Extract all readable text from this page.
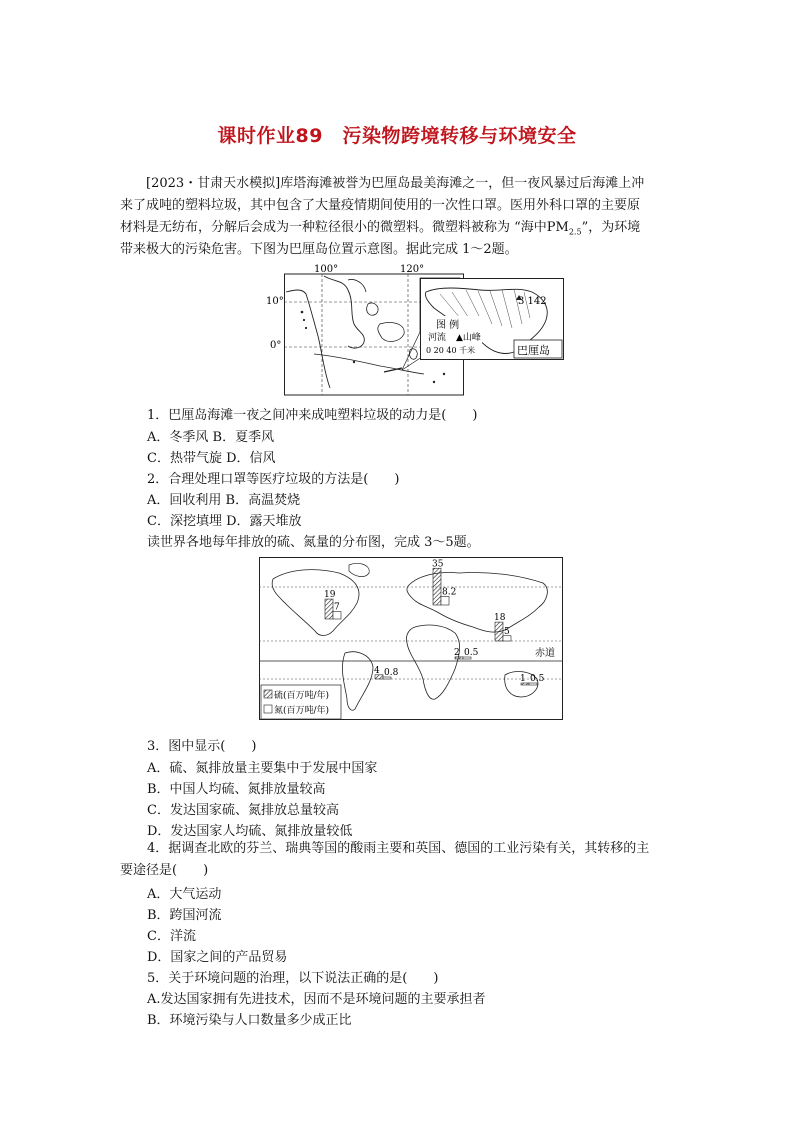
课时作业89　污染物跨境转移与环境安全
[2023・甘肃天水模拟]库塔海滩被誉为巴厘岛最美海滩之一，但一夜风暴过后海滩上冲
来了成吨的塑料垃圾，其中包含了大量疫情期间使用的一次性口罩。医用外科口罩的主要原
材料是无纺布，分解后会成为一种粒径很小的微塑料。微塑料被称为 “海中$PM_{2.5}$”，为环境
带来极大的污染危害。下图为巴厘岛位置示意图。据此完成 1～2题。
100°	120°
10°
0°
3 142
图 例
河流 ▲山峰
0 20 40 千米	巴厘岛
1．巴厘岛海滩一夜之间冲来成吨塑料垃圾的动力是(　　)
A．冬季风 B．夏季风
C．热带气旋 D．信风
2．合理处理口罩等医疗垃圾的方法是(　　)
A．回收利用 B．高温焚烧
C．深挖填埋 D．露天堆放
读世界各地每年排放的硫、氮量的分布图，完成 3～5题。
19
7
35
8.2
18
5
2 0.5
4 0.8
1 0.5
赤道
硫(百万吨/年)
氮(百万吨/年)
3．图中显示(　　)
A．硫、氮排放量主要集中于发展中国家
B．中国人均硫、氮排放量较高
C．发达国家硫、氮排放总量较高
D．发达国家人均硫、氮排放量较低
4．据调查北欧的芬兰、瑞典等国的酸雨主要和英国、德国的工业污染有关，其转移的主要途径是(　　)
A．大气运动
B．跨国河流
C．洋流
D．国家之间的产品贸易
5．关于环境问题的治理，以下说法正确的是(　　)
A.发达国家拥有先进技术，因而不是环境问题的主要承担者
B．环境污染与人口数量多少成正比
